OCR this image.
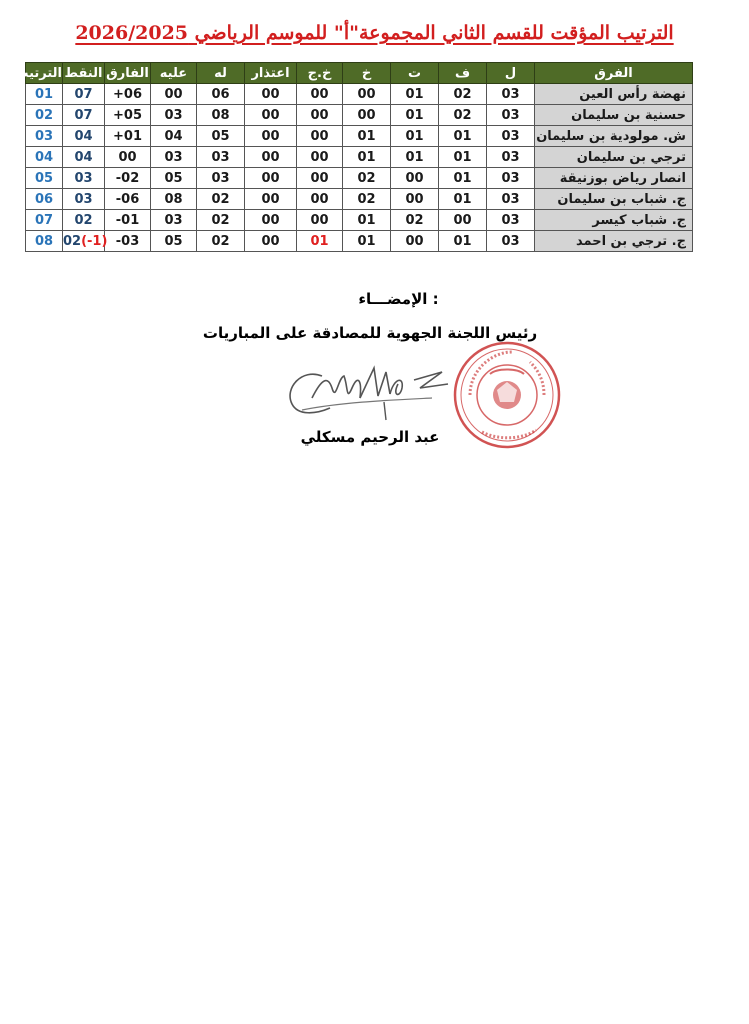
الترتيب المؤقت للقسم الثاني المجموعة"أ" للموسم الرياضي 2026/2025
الفرق	ل	ف	ت	خ	خ.ج	اعتذار	له	عليه	الفارق	النقط	الترتيب
نهضة رأس العين	03	02	01	00	00	00	06	00	+06	07	01
حسنية بن سليمان	03	02	01	00	00	00	08	03	+05	07	02
ش. مولودية بن سليمان	03	01	01	01	00	00	05	04	+01	04	03
ترجي بن سليمان	03	01	01	01	00	00	03	03	00	04	04
انصار رياض بوزنيقة	03	01	00	02	00	00	03	05	-02	03	05
ج. شباب بن سليمان	03	01	00	02	00	00	02	08	-06	03	06
ج. شباب كيسر	03	00	02	01	00	00	02	03	-01	02	07
ج. ترجي بن احمد	03	01	00	01	01	00	02	05	-03	02(-1)	08
الإمضـــاء :
رئيس اللجنة الجهوية للمصادقة على المباريات
عبد الرحيم مسكلي
